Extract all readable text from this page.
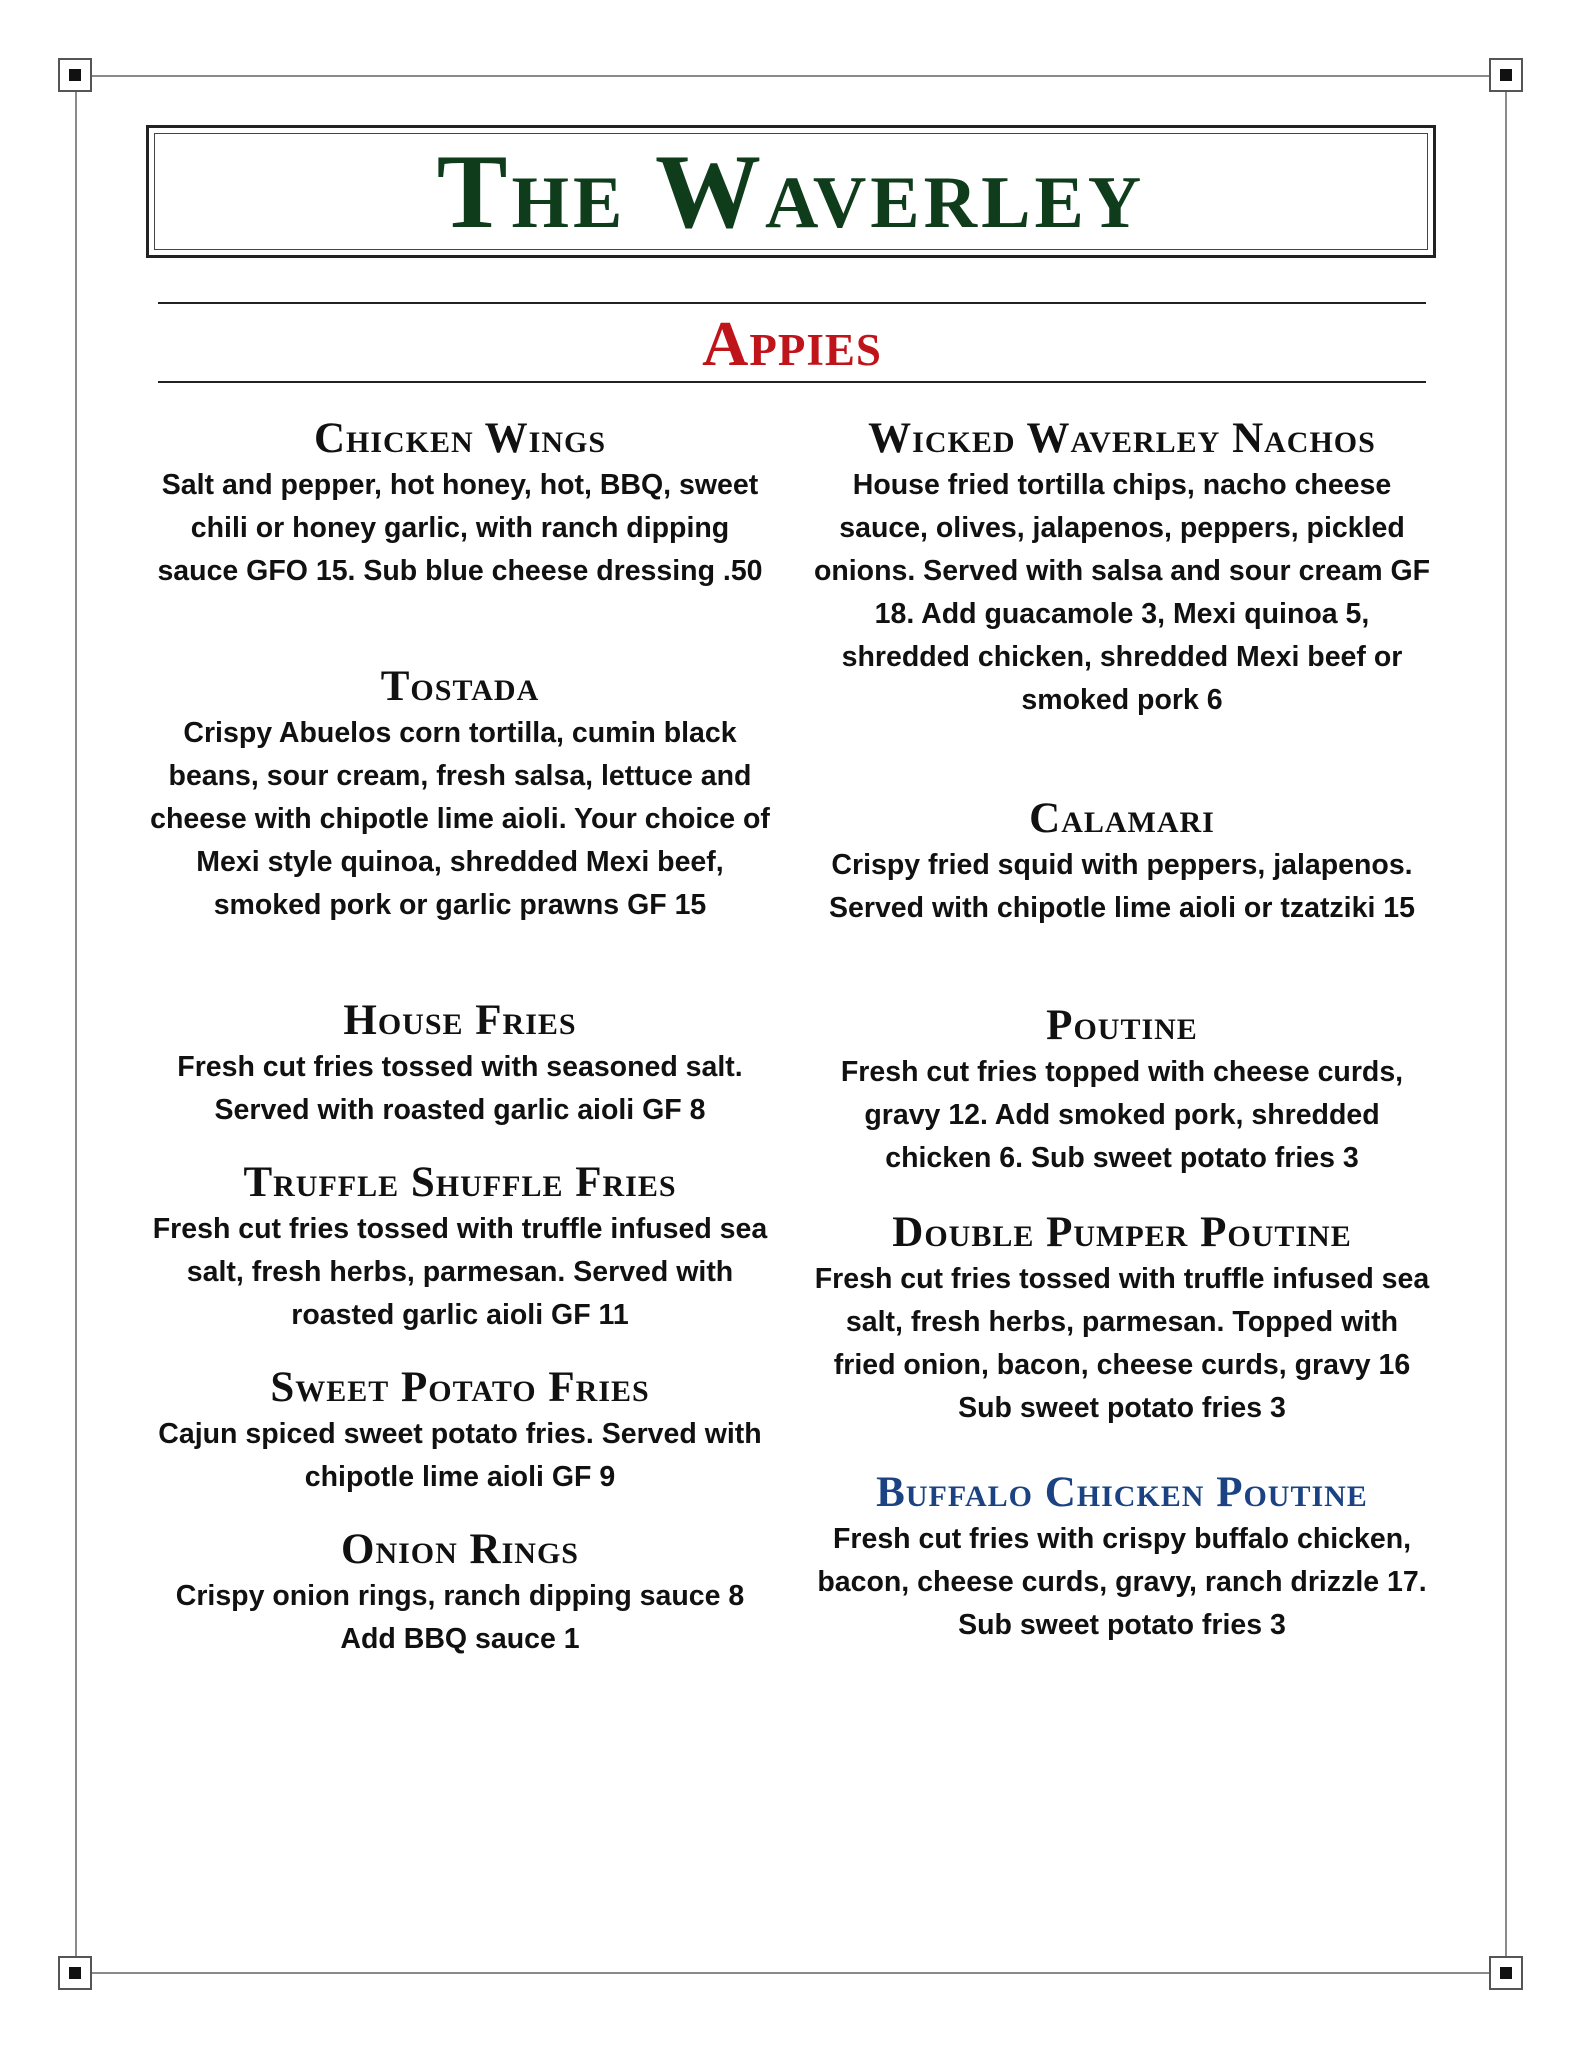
The Waverley
Appies
Chicken Wings
Salt and pepper, hot honey, hot, BBQ, sweet chili or honey garlic, with ranch dipping sauce GFO 15. Sub blue cheese dressing .50
Tostada
Crispy Abuelos corn tortilla, cumin black beans, sour cream, fresh salsa, lettuce and cheese with chipotle lime aioli. Your choice of Mexi style quinoa, shredded Mexi beef, smoked pork or garlic prawns GF 15
House Fries
Fresh cut fries tossed with seasoned salt. Served with roasted garlic aioli GF 8
Truffle Shuffle Fries
Fresh cut fries tossed with truffle infused sea salt, fresh herbs, parmesan. Served with roasted garlic aioli GF 11
Sweet Potato Fries
Cajun spiced sweet potato fries. Served with chipotle lime aioli GF 9
Onion Rings
Crispy onion rings, ranch dipping sauce 8 Add BBQ sauce 1
Wicked Waverley Nachos
House fried tortilla chips, nacho cheese sauce, olives, jalapenos, peppers, pickled onions. Served with salsa and sour cream GF 18. Add guacamole 3, Mexi quinoa 5, shredded chicken, shredded Mexi beef or smoked pork 6
Calamari
Crispy fried squid with peppers, jalapenos. Served with chipotle lime aioli or tzatziki 15
Poutine
Fresh cut fries topped with cheese curds, gravy 12. Add smoked pork, shredded chicken 6. Sub sweet potato fries 3
Double Pumper Poutine
Fresh cut fries tossed with truffle infused sea salt, fresh herbs, parmesan. Topped with fried onion, bacon, cheese curds, gravy 16 Sub sweet potato fries 3
Buffalo Chicken Poutine
Fresh cut fries with crispy buffalo chicken, bacon, cheese curds, gravy, ranch drizzle 17. Sub sweet potato fries 3
